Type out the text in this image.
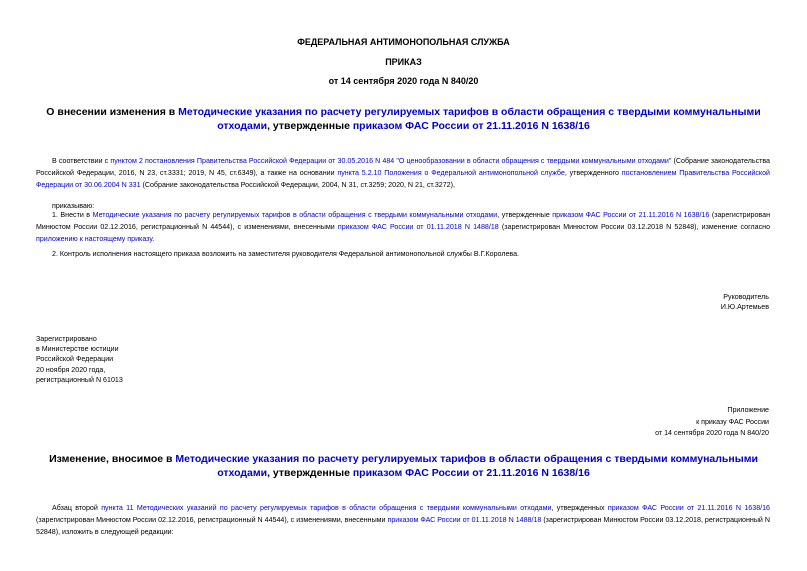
ФЕДЕРАЛЬНАЯ АНТИМОНОПОЛЬНАЯ СЛУЖБА
ПРИКАЗ
от 14 сентября 2020 года N 840/20
О внесении изменения в Методические указания по расчету регулируемых тарифов в области обращения с твердыми коммунальными отходами, утвержденные приказом ФАС России от 21.11.2016 N 1638/16
В соответствии с пунктом 2 постановления Правительства Российской Федерации от 30.05.2016 N 484 "О ценообразовании в области обращения с твердыми коммунальными отходами" (Собрание законодательства Российской Федерации, 2016, N 23, ст.3331; 2019, N 45, ст.6349), а также на основании пункта 5.2.10 Положения о Федеральной антимонопольной службе, утвержденного постановлением Правительства Российской Федерации от 30.06.2004 N 331 (Собрание законодательства Российской Федерации, 2004, N 31, ст.3259; 2020, N 21, ст.3272),
приказываю:
1. Внести в Методические указания по расчету регулируемых тарифов в области обращения с твердыми коммунальными отходами, утвержденные приказом ФАС России от 21.11.2016 N 1638/16 (зарегистрирован Минюстом России 02.12.2016, регистрационный N 44544), с изменениями, внесенными приказом ФАС России от 01.11.2018 N 1488/18 (зарегистрирован Минюстом России 03.12.2018 N 52848), изменение согласно приложению к настоящему приказу.
2. Контроль исполнения настоящего приказа возложить на заместителя руководителя Федеральной антимонопольной службы В.Г.Королева.
Руководитель
И.Ю.Артемьев
Зарегистрировано
в Министерстве юстиции
Российской Федерации
20 ноября 2020 года,
регистрационный N 61013
Приложение
к приказу ФАС России
от 14 сентября 2020 года N 840/20
Изменение, вносимое в Методические указания по расчету регулируемых тарифов в области обращения с твердыми коммунальными отходами, утвержденные приказом ФАС России от 21.11.2016 N 1638/16
Абзац второй пункта 11 Методических указаний по расчету регулируемых тарифов в области обращения с твердыми коммунальными отходами, утвержденных приказом ФАС России от 21.11.2016 N 1638/16 (зарегистрирован Минюстом России 02.12.2016, регистрационный N 44544), с изменениями, внесенными приказом ФАС России от 01.11.2018 N 1488/18 (зарегистрирован Минюстом России 03.12.2018, регистрационный N 52848), изложить в следующей редакции:
